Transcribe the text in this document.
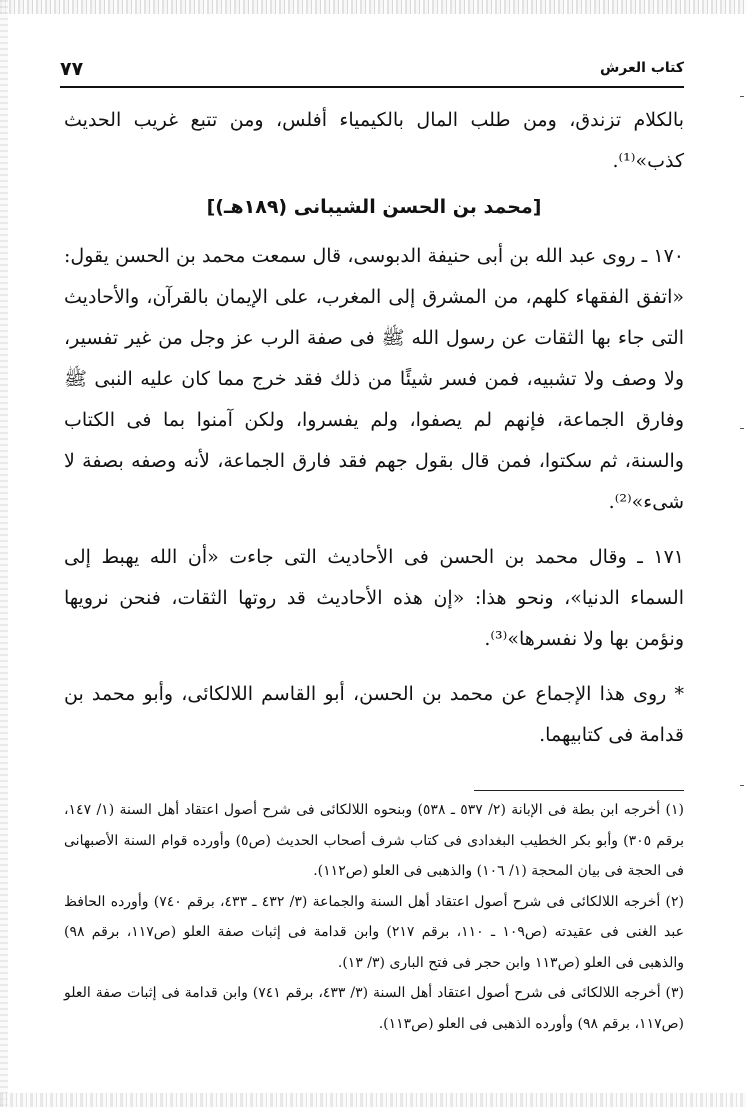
٧٧	كتاب العرش

بالكلام تزندق، ومن طلب المال بالكيمياء أفلس، ومن تتبع غريب الحديث كذب»⁽¹⁾.

[محمد بن الحسن الشيبانى (١٨٩هـ)]

١٧٠ ـ روى عبد الله بن أبى حنيفة الدبوسى، قال سمعت محمد بن الحسن يقول: «اتفق الفقهاء كلهم، من المشرق إلى المغرب، على الإيمان بالقرآن، والأحاديث التى جاء بها الثقات عن رسول الله ﷺ فى صفة الرب عز وجل من غير تفسير، ولا وصف ولا تشبيه، فمن فسر شيئًا من ذلك فقد خرج مما كان عليه النبى ﷺ وفارق الجماعة، فإنهم لم يصفوا، ولم يفسروا، ولكن آمنوا بما فى الكتاب والسنة، ثم سكتوا، فمن قال بقول جهم فقد فارق الجماعة، لأنه وصفه بصفة لا شىء»⁽²⁾.

١٧١ ـ وقال محمد بن الحسن فى الأحاديث التى جاءت «أن الله يهبط إلى السماء الدنيا»، ونحو هذا: «إن هذه الأحاديث قد روتها الثقات، فنحن نرويها ونؤمن بها ولا نفسرها»⁽³⁾.

* روى هذا الإجماع عن محمد بن الحسن، أبو القاسم اللالكائى، وأبو محمد بن قدامة فى كتابيهما.

(١) أخرجه ابن بطة فى الإبانة (٢/ ٥٣٧ ـ ٥٣٨) وبنحوه اللالكائى فى شرح أصول اعتقاد أهل السنة (١/ ١٤٧، برقم ٣٠٥) وأبو بكر الخطيب البغدادى فى كتاب شرف أصحاب الحديث (ص٥) وأورده قوام السنة الأصبهانى فى الحجة فى بيان المحجة (١/ ١٠٦) والذهبى فى العلو (ص١١٢).

(٢) أخرجه اللالكائى فى شرح أصول اعتقاد أهل السنة والجماعة (٣/ ٤٣٢ ـ ٤٣٣، برقم ٧٤٠) وأورده الحافظ عبد الغنى فى عقيدته (ص١٠٩ ـ ١١٠، برقم ٢١٧) وابن قدامة فى إثبات صفة العلو (ص١١٧، برقم ٩٨) والذهبى فى العلو (ص١١٣ وابن حجر فى فتح البارى (٣/ ١٣).

(٣) أخرجه اللالكائى فى شرح أصول اعتقاد أهل السنة (٣/ ٤٣٣، برقم ٧٤١) وابن قدامة فى إثبات صفة العلو (ص١١٧، برقم ٩٨) وأورده الذهبى فى العلو (ص١١٣).
